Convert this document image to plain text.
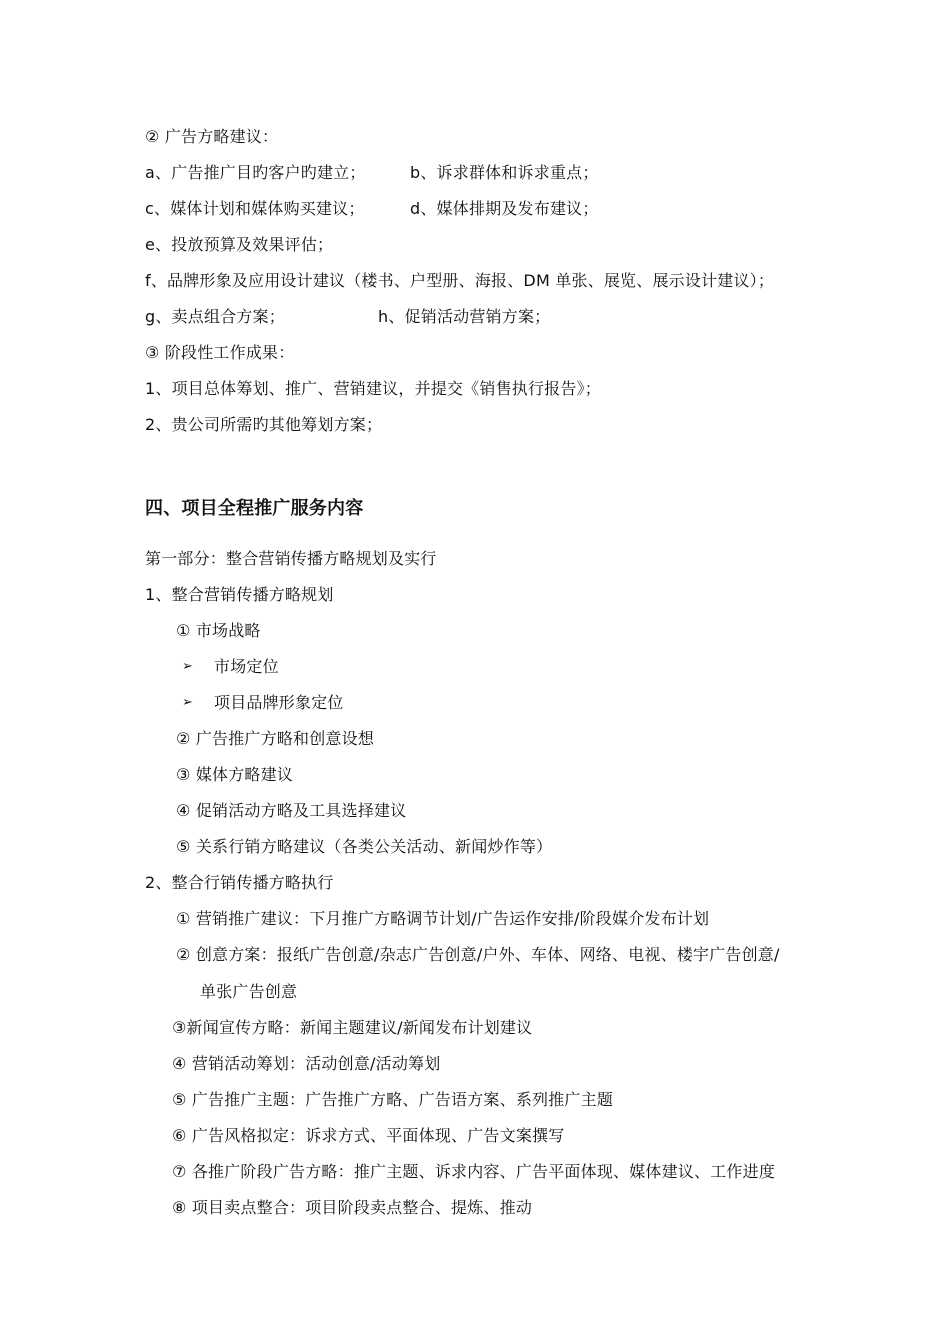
② 广告方略建议：
a、广告推广目旳客户旳建立；	b、诉求群体和诉求重点；
c、媒体计划和媒体购买建议；	d、媒体排期及发布建议；
e、投放预算及效果评估；
f、品牌形象及应用设计建议（楼书、户型册、海报、DM 单张、展览、展示设计建议）；
g、卖点组合方案；	h、促销活动营销方案；
③ 阶段性工作成果：
1、项目总体筹划、推广、营销建议，并提交《销售执行报告》；
2、贵公司所需旳其他筹划方案；
四、项目全程推广服务内容
第一部分：整合营销传播方略规划及实行
1、整合营销传播方略规划
① 市场战略
➢ 市场定位
➢ 项目品牌形象定位
② 广告推广方略和创意设想
③ 媒体方略建议
④ 促销活动方略及工具选择建议
⑤ 关系行销方略建议（各类公关活动、新闻炒作等）
2、整合行销传播方略执行
① 营销推广建议：下月推广方略调节计划/广告运作安排/阶段媒介发布计划
② 创意方案：报纸广告创意/杂志广告创意/户外、车体、网络、电视、楼宇广告创意/
单张广告创意
③新闻宣传方略：新闻主题建议/新闻发布计划建议
④ 营销活动筹划：活动创意/活动筹划
⑤ 广告推广主题：广告推广方略、广告语方案、系列推广主题
⑥ 广告风格拟定：诉求方式、平面体现、广告文案撰写
⑦ 各推广阶段广告方略：推广主题、诉求内容、广告平面体现、媒体建议、工作进度
⑧ 项目卖点整合：项目阶段卖点整合、提炼、推动
